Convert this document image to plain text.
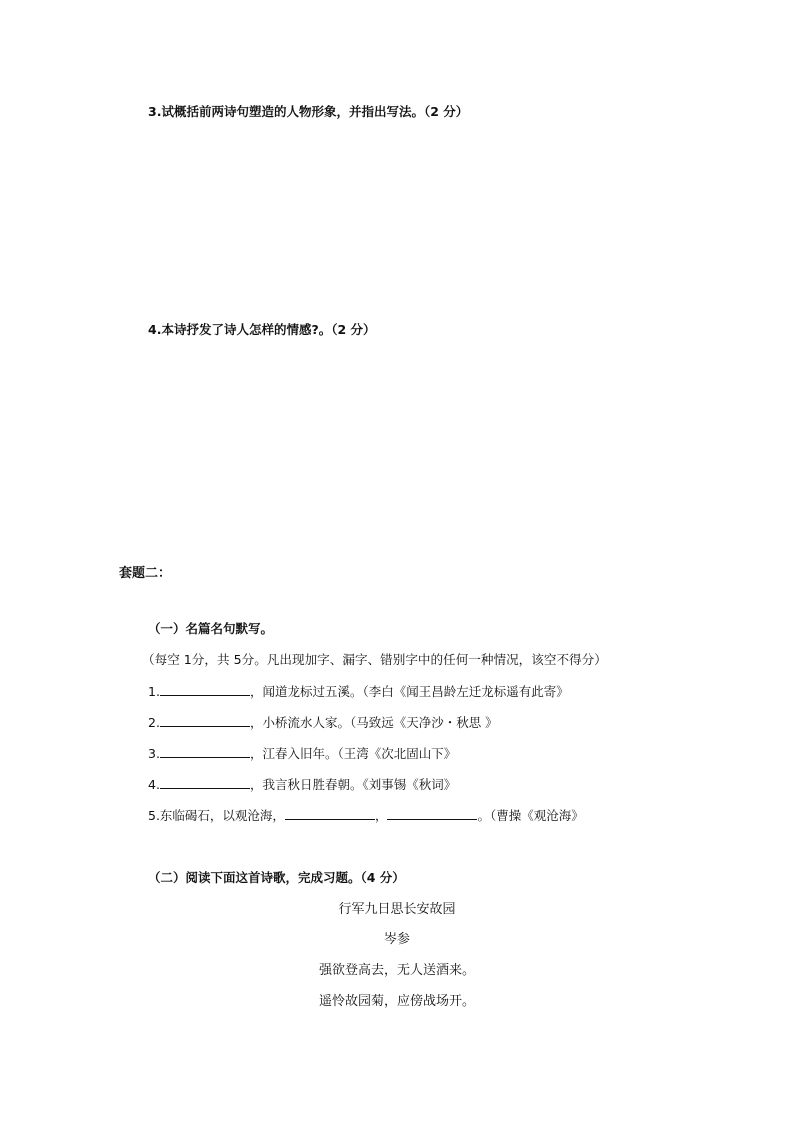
3.试概括前两诗句塑造的人物形象，并指出写法。（2 分）
4.本诗抒发了诗人怎样的情感?。（2 分）
套题二：
（一）名篇名句默写。
（每空 1分，共 5分。凡出现加字、漏字、错别字中的任何一种情况，该空不得分）
1.	，闻道龙标过五溪。（李白《闻王昌龄左迁龙标遥有此寄》
2.	，小桥流水人家。（马致远《天净沙・秋思 》
3.	，江春入旧年。（王湾《次北固山下》
4.	，我言秋日胜春朝。《刘事锡《秋词》
5.东临碣石，以观沧海，	，	。（曹操《观沧海》
（二）阅读下面这首诗歌，完成习题。（4 分）
行军九日思长安故园
岑参
强欲登高去，无人送酒来。
遥怜故园菊，应傍战场开。
